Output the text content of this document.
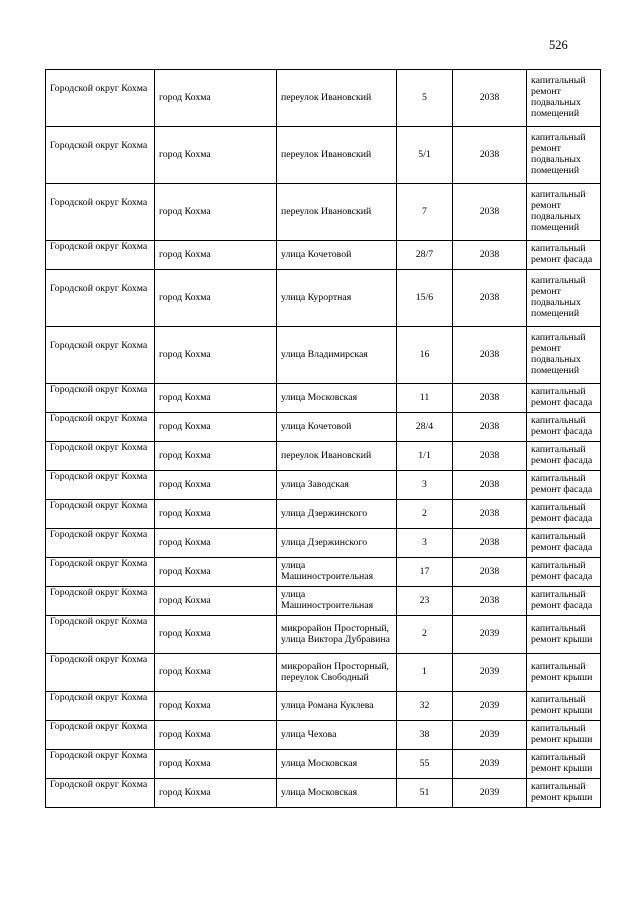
526
Городской округ Кохма	город Кохма	переулок Ивановский	5	2038	капитальный ремонт подвальных помещений
Городской округ Кохма	город Кохма	переулок Ивановский	5/1	2038	капитальный ремонт подвальных помещений
Городской округ Кохма	город Кохма	переулок Ивановский	7	2038	капитальный ремонт подвальных помещений
Городской округ Кохма	город Кохма	улица Кочетовой	28/7	2038	капитальный ремонт фасада
Городской округ Кохма	город Кохма	улица Курортная	15/6	2038	капитальный ремонт подвальных помещений
Городской округ Кохма	город Кохма	улица Владимирская	16	2038	капитальный ремонт подвальных помещений
Городской округ Кохма	город Кохма	улица Московская	11	2038	капитальный ремонт фасада
Городской округ Кохма	город Кохма	улица Кочетовой	28/4	2038	капитальный ремонт фасада
Городской округ Кохма	город Кохма	переулок Ивановский	1/1	2038	капитальный ремонт фасада
Городской округ Кохма	город Кохма	улица Заводская	3	2038	капитальный ремонт фасада
Городской округ Кохма	город Кохма	улица Дзержинского	2	2038	капитальный ремонт фасада
Городской округ Кохма	город Кохма	улица Дзержинского	3	2038	капитальный ремонт фасада
Городской округ Кохма	город Кохма	улица Машиностроительная	17	2038	капитальный ремонт фасада
Городской округ Кохма	город Кохма	улица Машиностроительная	23	2038	капитальный ремонт фасада
Городской округ Кохма	город Кохма	микрорайон Просторный, улица Виктора Дубравина	2	2039	капитальный ремонт крыши
Городской округ Кохма	город Кохма	микрорайон Просторный, переулок Свободный	1	2039	капитальный ремонт крыши
Городской округ Кохма	город Кохма	улица Романа Куклева	32	2039	капитальный ремонт крыши
Городской округ Кохма	город Кохма	улица Чехова	38	2039	капитальный ремонт крыши
Городской округ Кохма	город Кохма	улица Московская	55	2039	капитальный ремонт крыши
Городской округ Кохма	город Кохма	улица Московская	51	2039	капитальный ремонт крыши
